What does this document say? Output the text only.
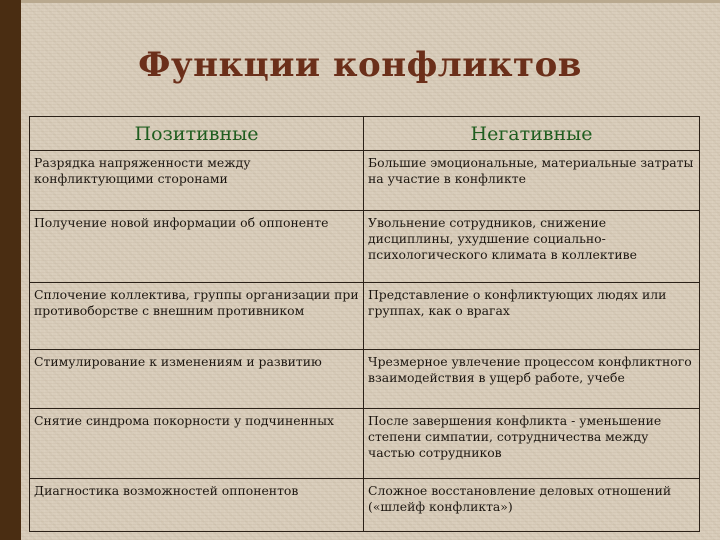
Функции конфликтов
Позитивные	Негативные
Разрядка напряженности между конфликтующими сторонами	Большие эмоциональные, материальные затраты на участие в конфликте
Получение новой информации об оппоненте	Увольнение сотрудников, снижение дисциплины, ухудшение социально-психологического климата в коллективе
Сплочение коллектива, группы организации при противоборстве с внешним противником	Представление о конфликтующих людях или группах, как о врагах
Стимулирование к изменениям и развитию	Чрезмерное увлечение процессом конфликтного взаимодействия в ущерб работе, учебе
Снятие синдрома покорности у подчиненных	После завершения конфликта - уменьшение степени симпатии, сотрудничества между частью сотрудников
Диагностика возможностей оппонентов	Сложное восстановление деловых отношений («шлейф конфликта»)
